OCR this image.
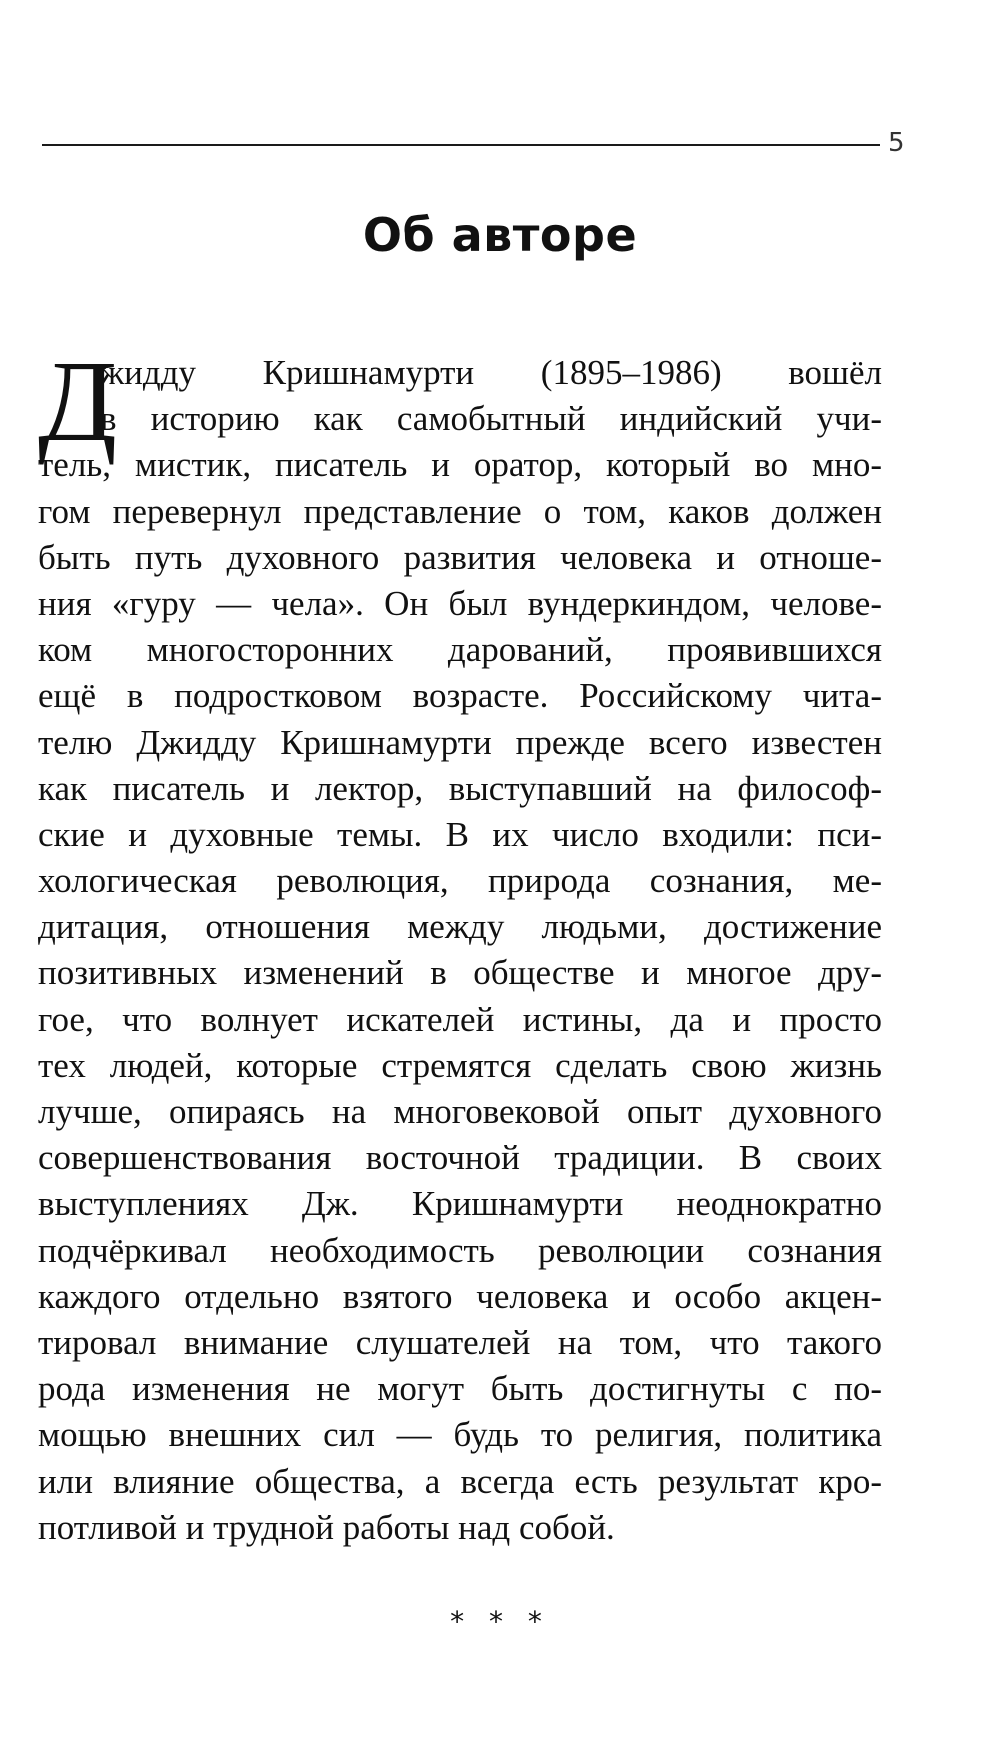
5
Об авторе
Д
жидду Кришнамурти (1895–1986) вошёл
в историю как самобытный индийский учи-
тель, мистик, писатель и оратор, который во мно-
гом перевернул представление о том, каков должен
быть путь духовного развития человека и отноше-
ния «гуру — чела». Он был вундеркиндом, челове-
ком многосторонних дарований, проявившихся
ещё в подростковом возрасте. Российскому чита-
телю Джидду Кришнамурти прежде всего известен
как писатель и лектор, выступавший на философ-
ские и духовные темы. В их число входили: пси-
хологическая революция, природа сознания, ме-
дитация, отношения между людьми, достижение
позитивных изменений в обществе и многое дру-
гое, что волнует искателей истины, да и просто
тех людей, которые стремятся сделать свою жизнь
лучше, опираясь на многовековой опыт духовного
совершенствования восточной традиции. В своих
выступлениях Дж. Кришнамурти неоднократно
подчёркивал необходимость революции сознания
каждого отдельно взятого человека и особо акцен-
тировал внимание слушателей на том, что такого
рода изменения не могут быть достигнуты с по-
мощью внешних сил — будь то религия, политика
или влияние общества, а всегда есть результат кро-
потливой и трудной работы над собой.
* * *
